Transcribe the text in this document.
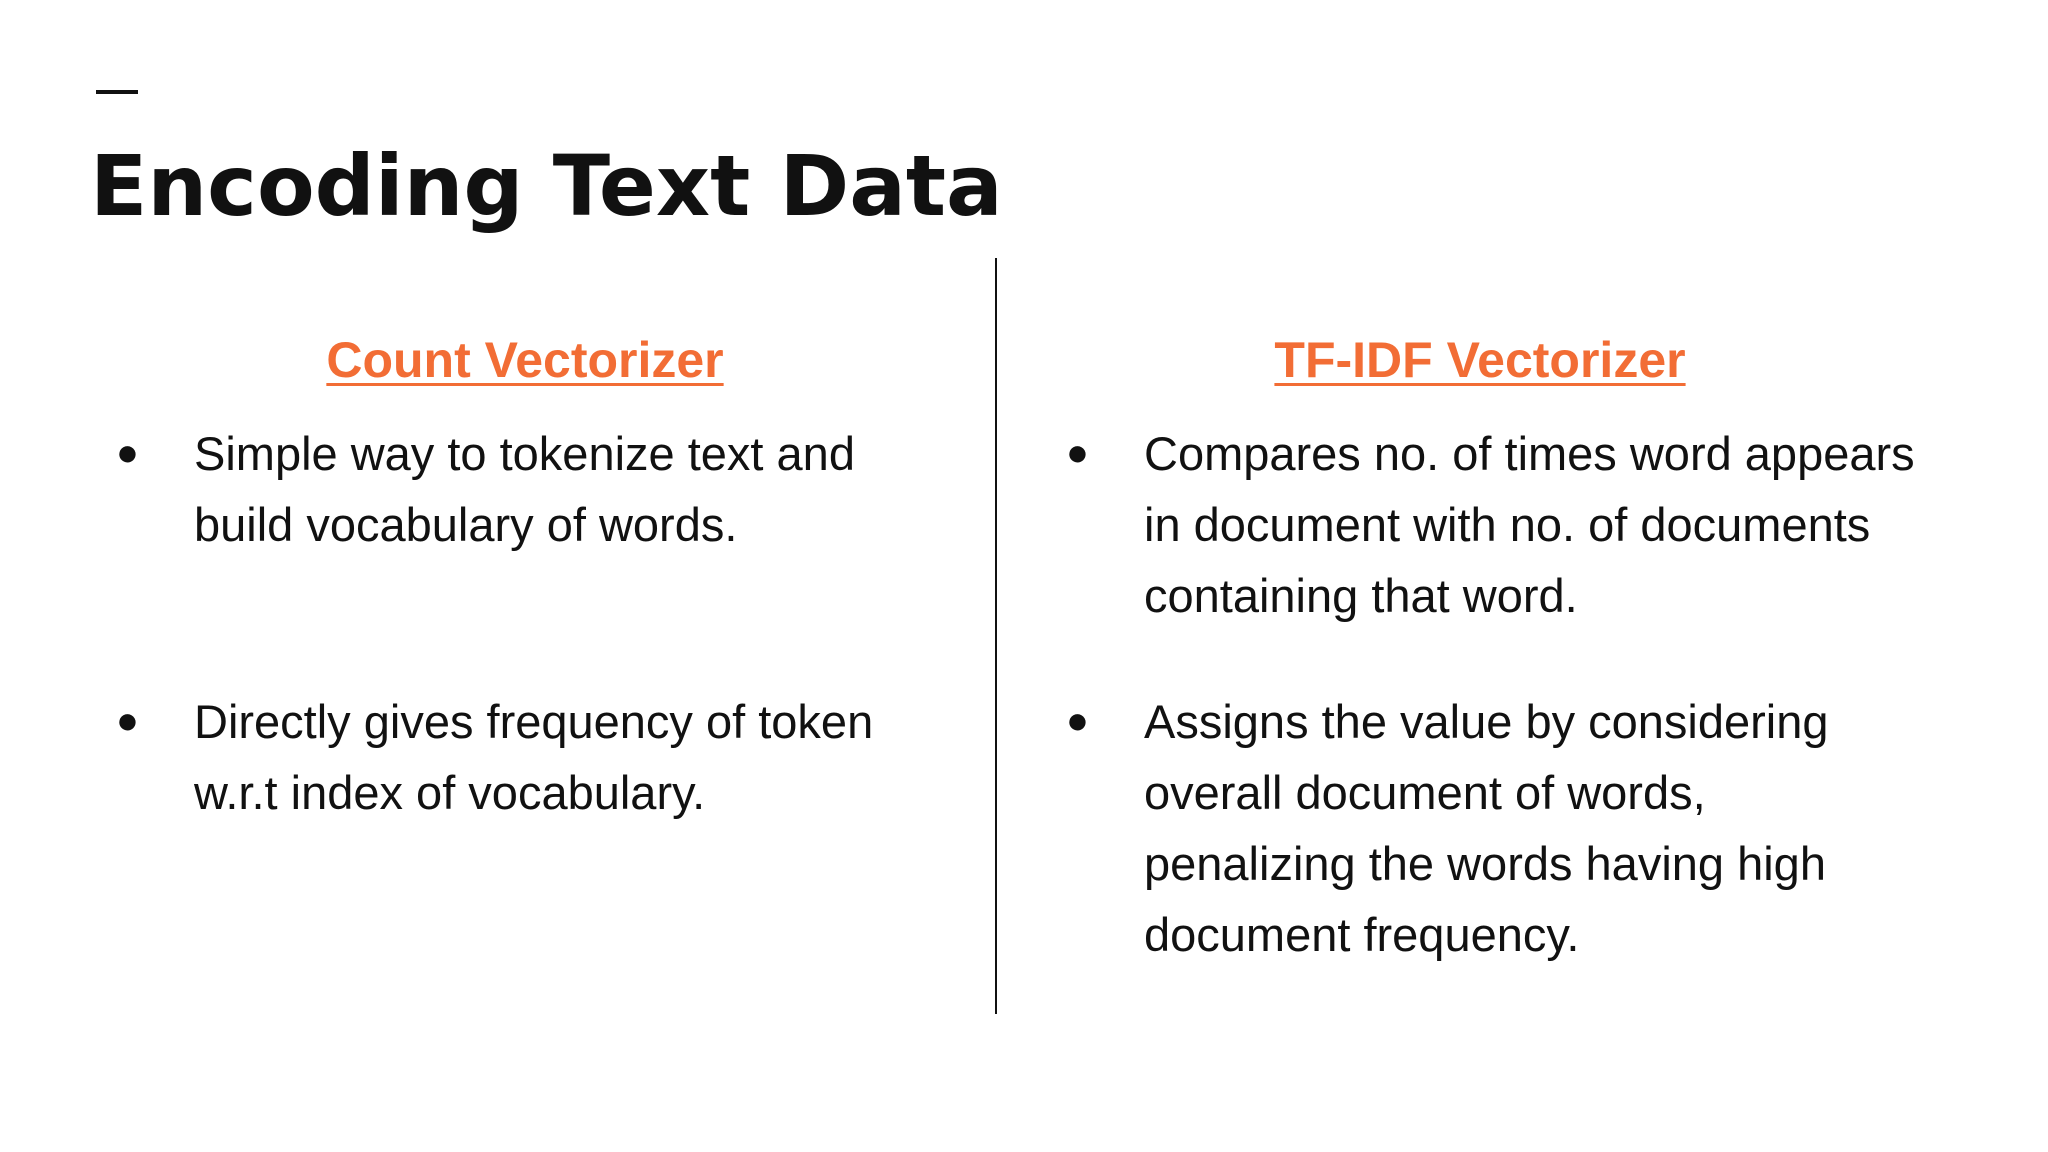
Encoding Text Data
Count Vectorizer
● Simple way to tokenize text and build vocabulary of words.
● Directly gives frequency of token w.r.t index of vocabulary.
TF-IDF Vectorizer
● Compares no. of times word appears in document with no. of documents containing that word.
● Assigns the value by considering overall document of words, penalizing the words having high document frequency.
